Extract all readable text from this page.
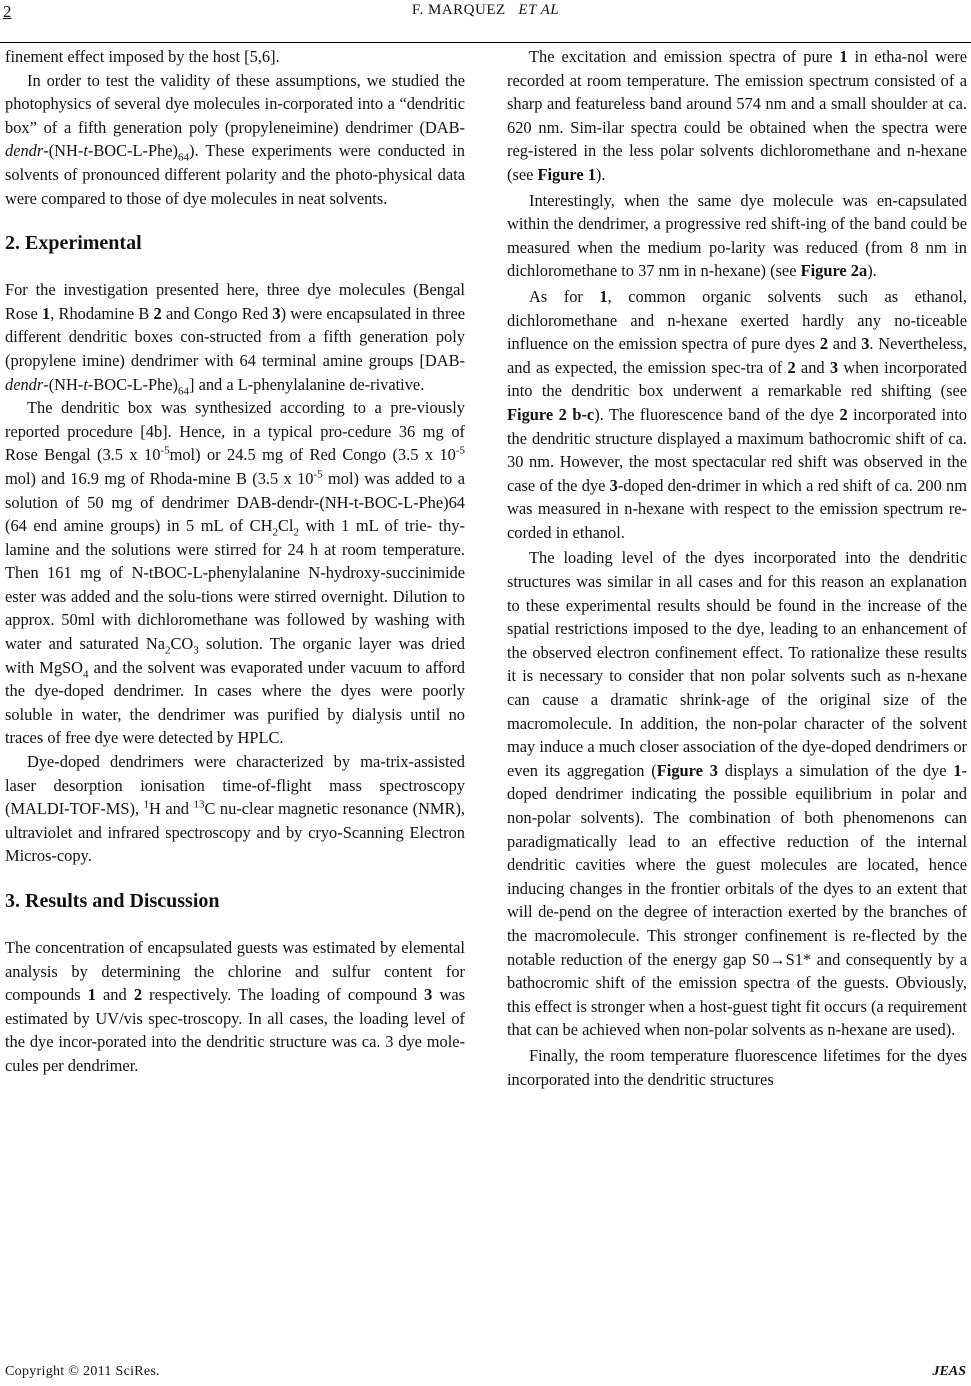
2	F. MARQUEZ ET AL

finement effect imposed by the host [5,6].

In order to test the validity of these assumptions, we studied the photophysics of several dye molecules in-corporated into a “dendritic box” of a fifth generation poly (propyleneimine) dendrimer $(DAB-dendr-(NH-t-BOC-L-Phe)_{64})$. These experiments were conducted in solvents of pronounced different polarity and the photo-physical data were compared to those of dye molecules in neat solvents.

2. Experimental

For the investigation presented here, three dye molecules (Bengal Rose 1, Rhodamine B 2 and Congo Red 3) were encapsulated in three different dendritic boxes con-structed from a fifth generation poly (propylene imine) dendrimer with 64 terminal amine groups $[DAB-dendr-(NH-t-BOC-L-Phe)_{64}]$ and a L-phenylalanine de-rivative.

The dendritic box was synthesized according to a pre-viously reported procedure [4b]. Hence, in a typical pro-cedure 36 mg of Rose Bengal (3.5 x $10^{-5}mol$) or 24.5 mg of Red Congo (3.5 x $10^{-5}$ mol) and 16.9 mg of Rhoda-mine B (3.5 x $10^{-5}$ mol) was added to a solution of 50 mg of dendrimer DAB-dendr-(NH-t-BOC-L-Phe)64 (64 end amine groups) in 5 mL of $CH_2Cl_2$ with 1 mL of trie- thy-lamine and the solutions were stirred for 24 h at room temperature. Then 161 mg of N-tBOC-L-phenylalanine N-hydroxy-succinimide ester was added and the solu-tions were stirred overnight. Dilution to approx. 50ml with dichloromethane was followed by washing with water and saturated $Na_2CO_3$ solution. The organic layer was dried with MgSO$_4$ and the solvent was evaporated under vacuum to afford the dye-doped dendrimer. In cases where the dyes were poorly soluble in water, the dendrimer was purified by dialysis until no traces of free dye were detected by HPLC.

Dye-doped dendrimers were characterized by ma-trix-assisted laser desorption ionisation time-of-flight mass spectroscopy (MALDI-TOF-MS), $^1$H and $^{13}$C nu-clear magnetic resonance (NMR), ultraviolet and infrared spectroscopy and by cryo-Scanning Electron Micros-copy.

3. Results and Discussion

The concentration of encapsulated guests was estimated by elemental analysis by determining the chlorine and sulfur content for compounds 1 and 2 respectively. The loading of compound 3 was estimated by UV/vis spec-troscopy. In all cases, the loading level of the dye incor-porated into the dendritic structure was ca. 3 dye mole-cules per dendrimer.

The excitation and emission spectra of pure 1 in etha-nol were recorded at room temperature. The emission spectrum consisted of a sharp and featureless band around 574 nm and a small shoulder at ca. 620 nm. Sim-ilar spectra could be obtained when the spectra were reg-istered in the less polar solvents dichloromethane and n-hexane (see Figure 1).

Interestingly, when the same dye molecule was en-capsulated within the dendrimer, a progressive red shift-ing of the band could be measured when the medium po-larity was reduced (from 8 nm in dichloromethane to 37 nm in n-hexane) (see Figure 2a).

As for 1, common organic solvents such as ethanol, dichloromethane and n-hexane exerted hardly any no-ticeable influence on the emission spectra of pure dyes 2 and 3. Nevertheless, and as expected, the emission spec-tra of 2 and 3 when incorporated into the dendritic box underwent a remarkable red shifting (see Figure 2 b-c). The fluorescence band of the dye 2 incorporated into the dendritic structure displayed a maximum bathocromic shift of ca. 30 nm. However, the most spectacular red shift was observed in the case of the dye 3-doped den-drimer in which a red shift of ca. 200 nm was measured in n-hexane with respect to the emission spectrum re-corded in ethanol.

The loading level of the dyes incorporated into the dendritic structures was similar in all cases and for this reason an explanation to these experimental results should be found in the increase of the spatial restrictions imposed to the dye, leading to an enhancement of the observed electron confinement effect. To rationalize these results it is necessary to consider that non polar solvents such as n-hexane can cause a dramatic shrink-age of the original size of the macromolecule. In addition, the non-polar character of the solvent may induce a much closer association of the dye-doped dendrimers or even its aggregation (Figure 3 displays a simulation of the dye 1-doped dendrimer indicating the possible equilibrium in polar and non-polar solvents). The combination of both phenomenons can paradigmatically lead to an effective reduction of the internal dendritic cavities where the guest molecules are located, hence inducing changes in the frontier orbitals of the dyes to an extent that will de-pend on the degree of interaction exerted by the branches of the macromolecule. This stronger confinement is re-flected by the notable reduction of the energy gap S0→S1* and consequently by a bathocromic shift of the emission spectra of the guests. Obviously, this effect is stronger when a host-guest tight fit occurs (a requirement that can be achieved when non-polar solvents as n-hexane are used).

Finally, the room temperature fluorescence lifetimes for the dyes incorporated into the dendritic structures

Copyright © 2011 SciRes.	JEAS
